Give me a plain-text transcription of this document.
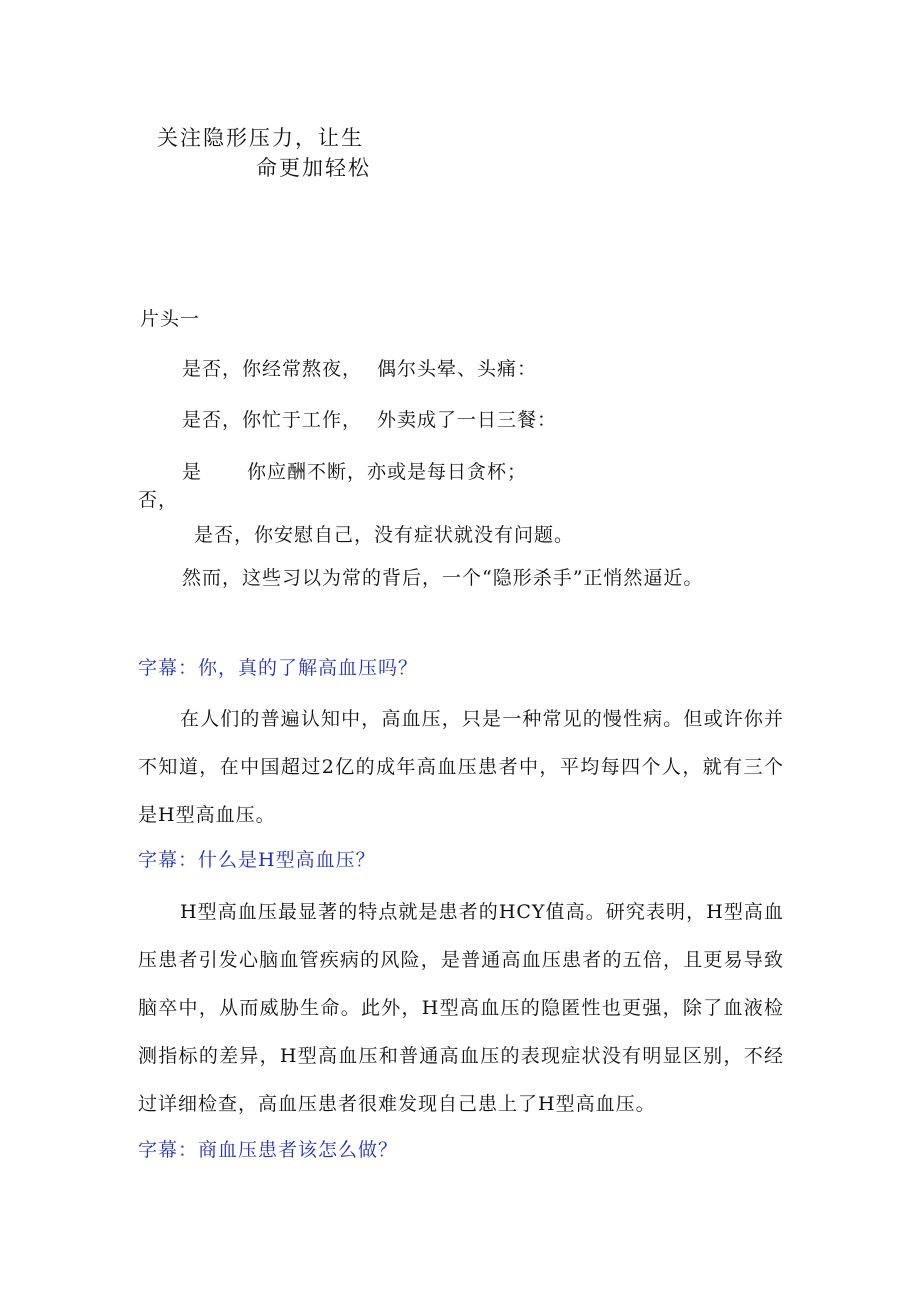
关注隐形压力，让生
命更加轻松
片头一
是否，你经常熬夜， 偶尔头晕、头痛：
是否，你忙于工作， 外卖成了一日三餐：
是 你应酬不断，亦或是每日贪杯；
否，
是否，你安慰自己，没有症状就没有问题。
然而，这些习以为常的背后，一个“隐形杀手”正悄然逼近。
字幕：你，真的了解高血压吗？
在人们的普遍认知中，高血压，只是一种常见的慢性病。但或许你并不知道，在中国超过2亿的成年高血压患者中，平均每四个人，就有三个是H型高血压。
字幕：什么是H型高血压？
H型高血压最显著的特点就是患者的HCY值高。研究表明，H型高血压患者引发心脑血管疾病的风险，是普通高血压患者的五倍，且更易导致脑卒中，从而威胁生命。此外，H型高血压的隐匿性也更强，除了血液检测指标的差异，H型高血压和普通高血压的表现症状没有明显区别，不经过详细检查，高血压患者很难发现自己患上了H型高血压。
字幕：商血压患者该怎么做？
